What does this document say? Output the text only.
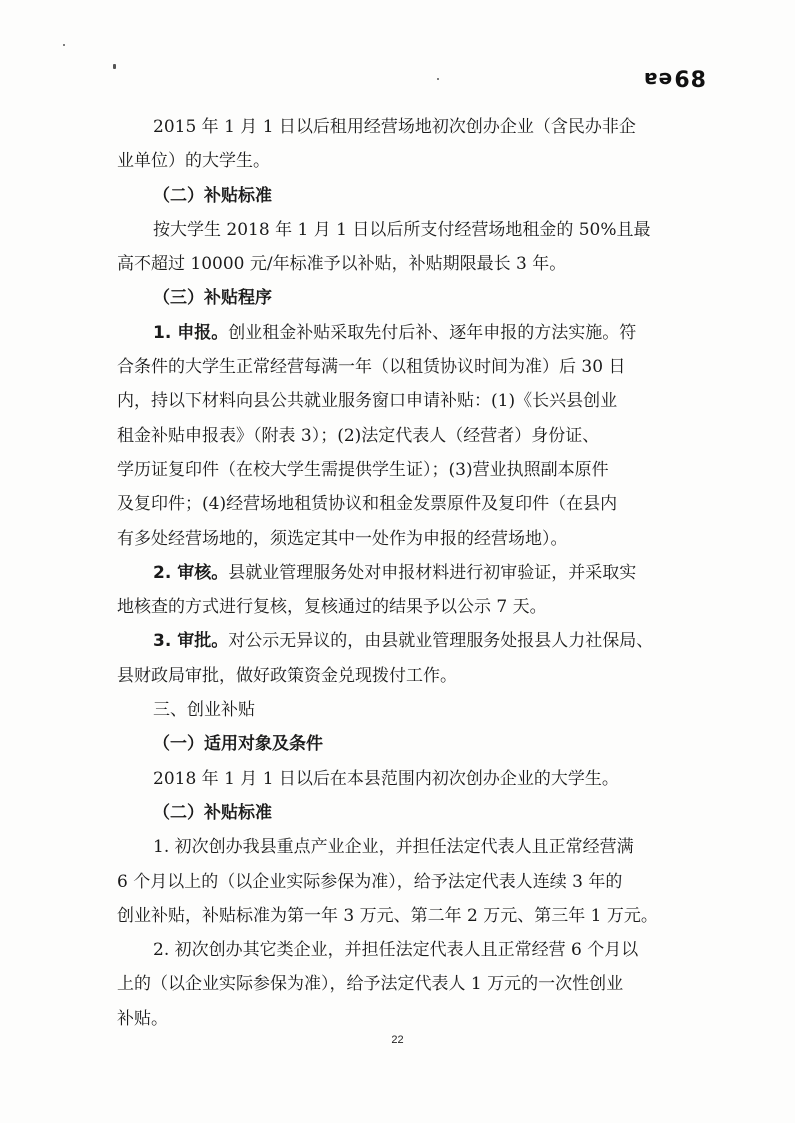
ea68
2015 年 1 月 1 日以后租用经营场地初次创办企业（含民办非企
业单位）的大学生。
（二）补贴标准
按大学生 2018 年 1 月 1 日以后所支付经营场地租金的 50%且最
高不超过 10000 元/年标准予以补贴，补贴期限最长 3 年。
（三）补贴程序
1. 申报。创业租金补贴采取先付后补、逐年申报的方法实施。符
合条件的大学生正常经营每满一年（以租赁协议时间为准）后 30 日
内，持以下材料向县公共就业服务窗口申请补贴：(1)《长兴县创业
租金补贴申报表》（附表 3）；(2)法定代表人（经营者）身份证、
学历证复印件（在校大学生需提供学生证）；(3)营业执照副本原件
及复印件；(4)经营场地租赁协议和租金发票原件及复印件（在县内
有多处经营场地的，须选定其中一处作为申报的经营场地）。
2. 审核。县就业管理服务处对申报材料进行初审验证，并采取实
地核查的方式进行复核，复核通过的结果予以公示 7 天。
3. 审批。对公示无异议的，由县就业管理服务处报县人力社保局、
县财政局审批，做好政策资金兑现拨付工作。
三、创业补贴
（一）适用对象及条件
2018 年 1 月 1 日以后在本县范围内初次创办企业的大学生。
（二）补贴标准
1. 初次创办我县重点产业企业，并担任法定代表人且正常经营满
6 个月以上的（以企业实际参保为准），给予法定代表人连续 3 年的
创业补贴，补贴标准为第一年 3 万元、第二年 2 万元、第三年 1 万元。
2. 初次创办其它类企业，并担任法定代表人且正常经营 6 个月以
上的（以企业实际参保为准），给予法定代表人 1 万元的一次性创业
补贴。
22
